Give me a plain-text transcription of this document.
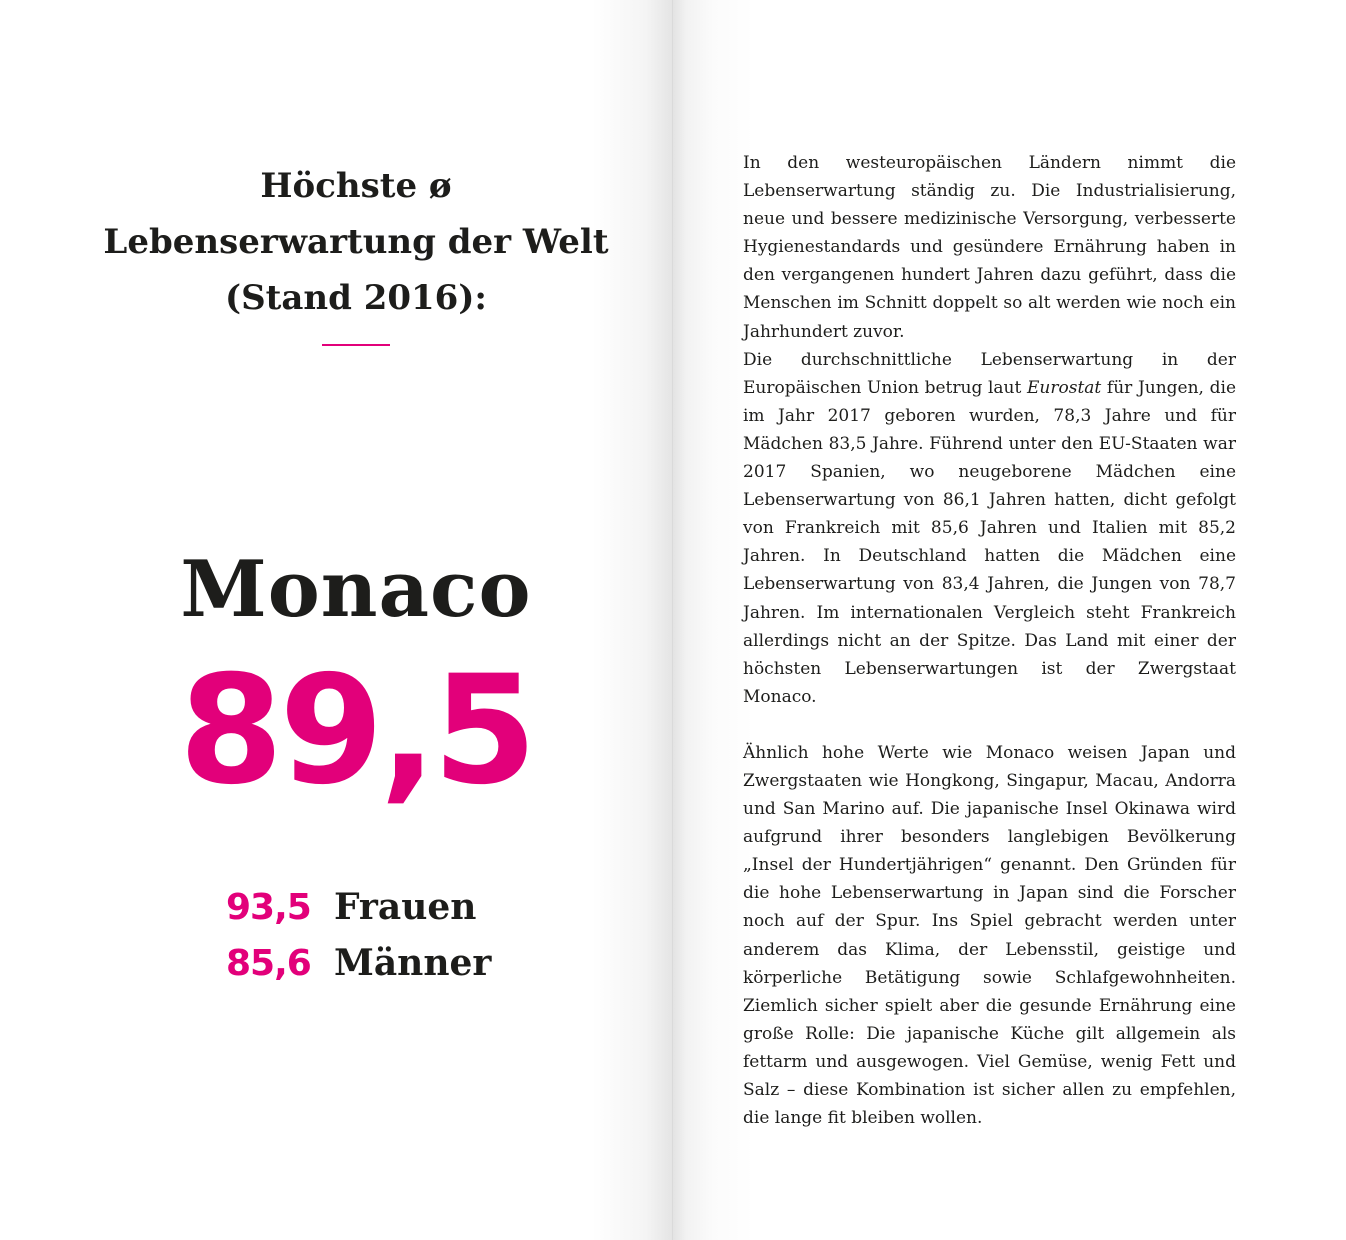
Höchste ø Lebenserwartung der Welt (Stand 2016):
Monaco
89,5
93,5 Frauen
85,6 Männer

In den westeuropäischen Ländern nimmt die Lebenserwartung ständig zu. Die Industrialisierung, neue und bessere medizinische Versorgung, verbesserte Hygienestandards und gesündere Ernährung haben in den vergangenen hundert Jahren dazu geführt, dass die Menschen im Schnitt doppelt so alt werden wie noch ein Jahrhundert zuvor.

Die durchschnittliche Lebenserwartung in der Europäischen Union betrug laut Eurostat für Jungen, die im Jahr 2017 geboren wurden, 78,3 Jahre und für Mädchen 83,5 Jahre. Führend unter den EU-Staaten war 2017 Spanien, wo neugeborene Mädchen eine Lebenserwartung von 86,1 Jahren hatten, dicht gefolgt von Frankreich mit 85,6 Jahren und Italien mit 85,2 Jahren. In Deutschland hatten die Mädchen eine Lebenserwartung von 83,4 Jahren, die Jungen von 78,7 Jahren. Im internationalen Vergleich steht Frankreich allerdings nicht an der Spitze. Das Land mit einer der höchsten Lebenserwartungen ist der Zwergstaat Monaco.

Ähnlich hohe Werte wie Monaco weisen Japan und Zwergstaaten wie Hongkong, Singapur, Macau, Andorra und San Marino auf. Die japanische Insel Okinawa wird aufgrund ihrer besonders langlebigen Bevölkerung „Insel der Hundertjährigen“ genannt. Den Gründen für die hohe Lebenserwartung in Japan sind die Forscher noch auf der Spur. Ins Spiel gebracht werden unter anderem das Klima, der Lebensstil, geistige und körperliche Betätigung sowie Schlafgewohnheiten. Ziemlich sicher spielt aber die gesunde Ernährung eine große Rolle: Die japanische Küche gilt allgemein als fettarm und ausgewogen. Viel Gemüse, wenig Fett und Salz – diese Kombination ist sicher allen zu empfehlen, die lange fit bleiben wollen.
